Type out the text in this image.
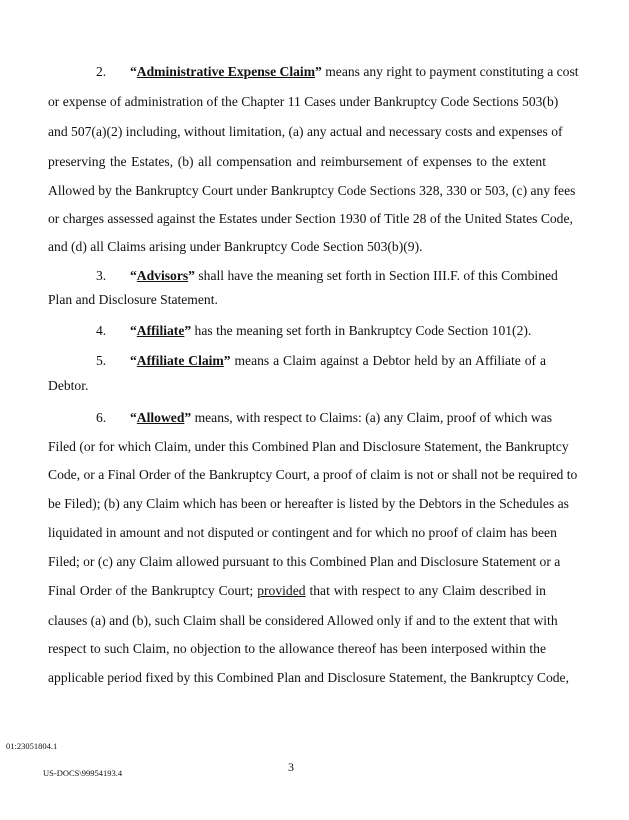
2. “Administrative Expense Claim” means any right to payment constituting a cost
or expense of administration of the Chapter 11 Cases under Bankruptcy Code Sections 503(b)
and 507(a)(2) including, without limitation, (a) any actual and necessary costs and expenses of
preserving the Estates, (b) all compensation and reimbursement of expenses to the extent
Allowed by the Bankruptcy Court under Bankruptcy Code Sections 328, 330 or 503, (c) any fees
or charges assessed against the Estates under Section 1930 of Title 28 of the United States Code,
and (d) all Claims arising under Bankruptcy Code Section 503(b)(9).
3. “Advisors” shall have the meaning set forth in Section III.F. of this Combined
Plan and Disclosure Statement.
4. “Affiliate” has the meaning set forth in Bankruptcy Code Section 101(2).
5. “Affiliate Claim” means a Claim against a Debtor held by an Affiliate of a
Debtor.
6. “Allowed” means, with respect to Claims: (a) any Claim, proof of which was
Filed (or for which Claim, under this Combined Plan and Disclosure Statement, the Bankruptcy
Code, or a Final Order of the Bankruptcy Court, a proof of claim is not or shall not be required to
be Filed); (b) any Claim which has been or hereafter is listed by the Debtors in the Schedules as
liquidated in amount and not disputed or contingent and for which no proof of claim has been
Filed; or (c) any Claim allowed pursuant to this Combined Plan and Disclosure Statement or a
Final Order of the Bankruptcy Court; provided that with respect to any Claim described in
clauses (a) and (b), such Claim shall be considered Allowed only if and to the extent that with
respect to such Claim, no objection to the allowance thereof has been interposed within the
applicable period fixed by this Combined Plan and Disclosure Statement, the Bankruptcy Code,
01:23051804.1
3
US-DOCS\99954193.4
